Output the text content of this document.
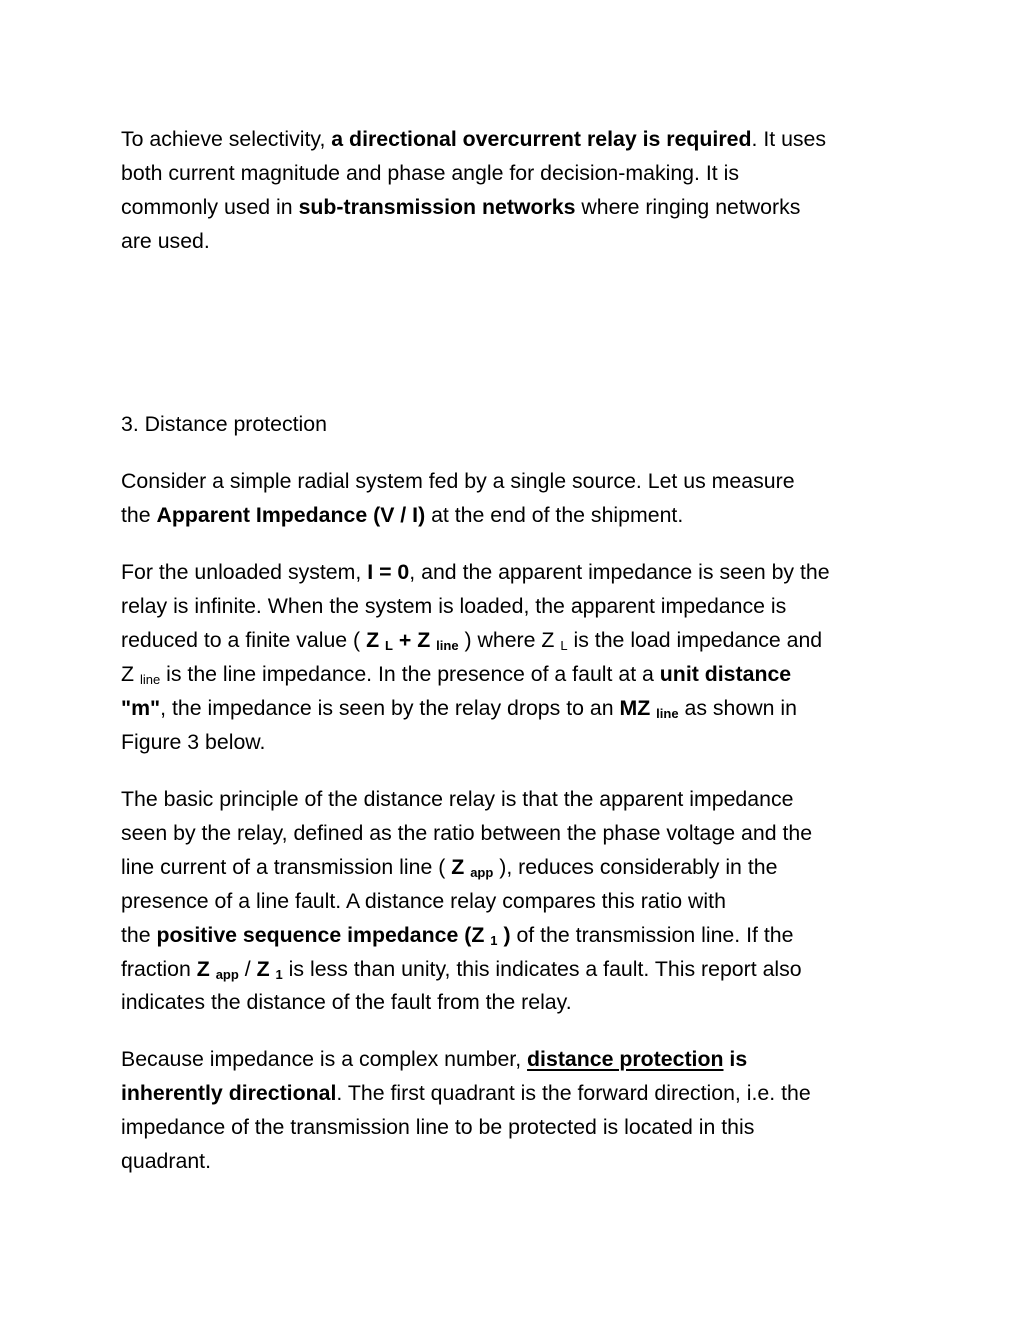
To achieve selectivity, a directional overcurrent relay is required. It uses
both current magnitude and phase angle for decision-making. It is
commonly used in sub-transmission networks where ringing networks
are used.

3. Distance protection

Consider a simple radial system fed by a single source. Let us measure
the Apparent Impedance (V / I) at the end of the shipment.

For the unloaded system, I = 0, and the apparent impedance is seen by the
relay is infinite. When the system is loaded, the apparent impedance is
reduced to a finite value ( Z L + Z line ) where Z $_L$ is the load impedance and
Z $_{line}$ is the line impedance. In the presence of a fault at a unit distance
"m", the impedance is seen by the relay drops to an MZ line as shown in
Figure 3 below.

The basic principle of the distance relay is that the apparent impedance
seen by the relay, defined as the ratio between the phase voltage and the
line current of a transmission line ( Z app ), reduces considerably in the
presence of a line fault. A distance relay compares this ratio with
the positive sequence impedance (Z 1 ) of the transmission line. If the
fraction Z app / Z 1 is less than unity, this indicates a fault. This report also
indicates the distance of the fault from the relay.

Because impedance is a complex number, distance protection is
inherently directional. The first quadrant is the forward direction, i.e. the
impedance of the transmission line to be protected is located in this
quadrant.
